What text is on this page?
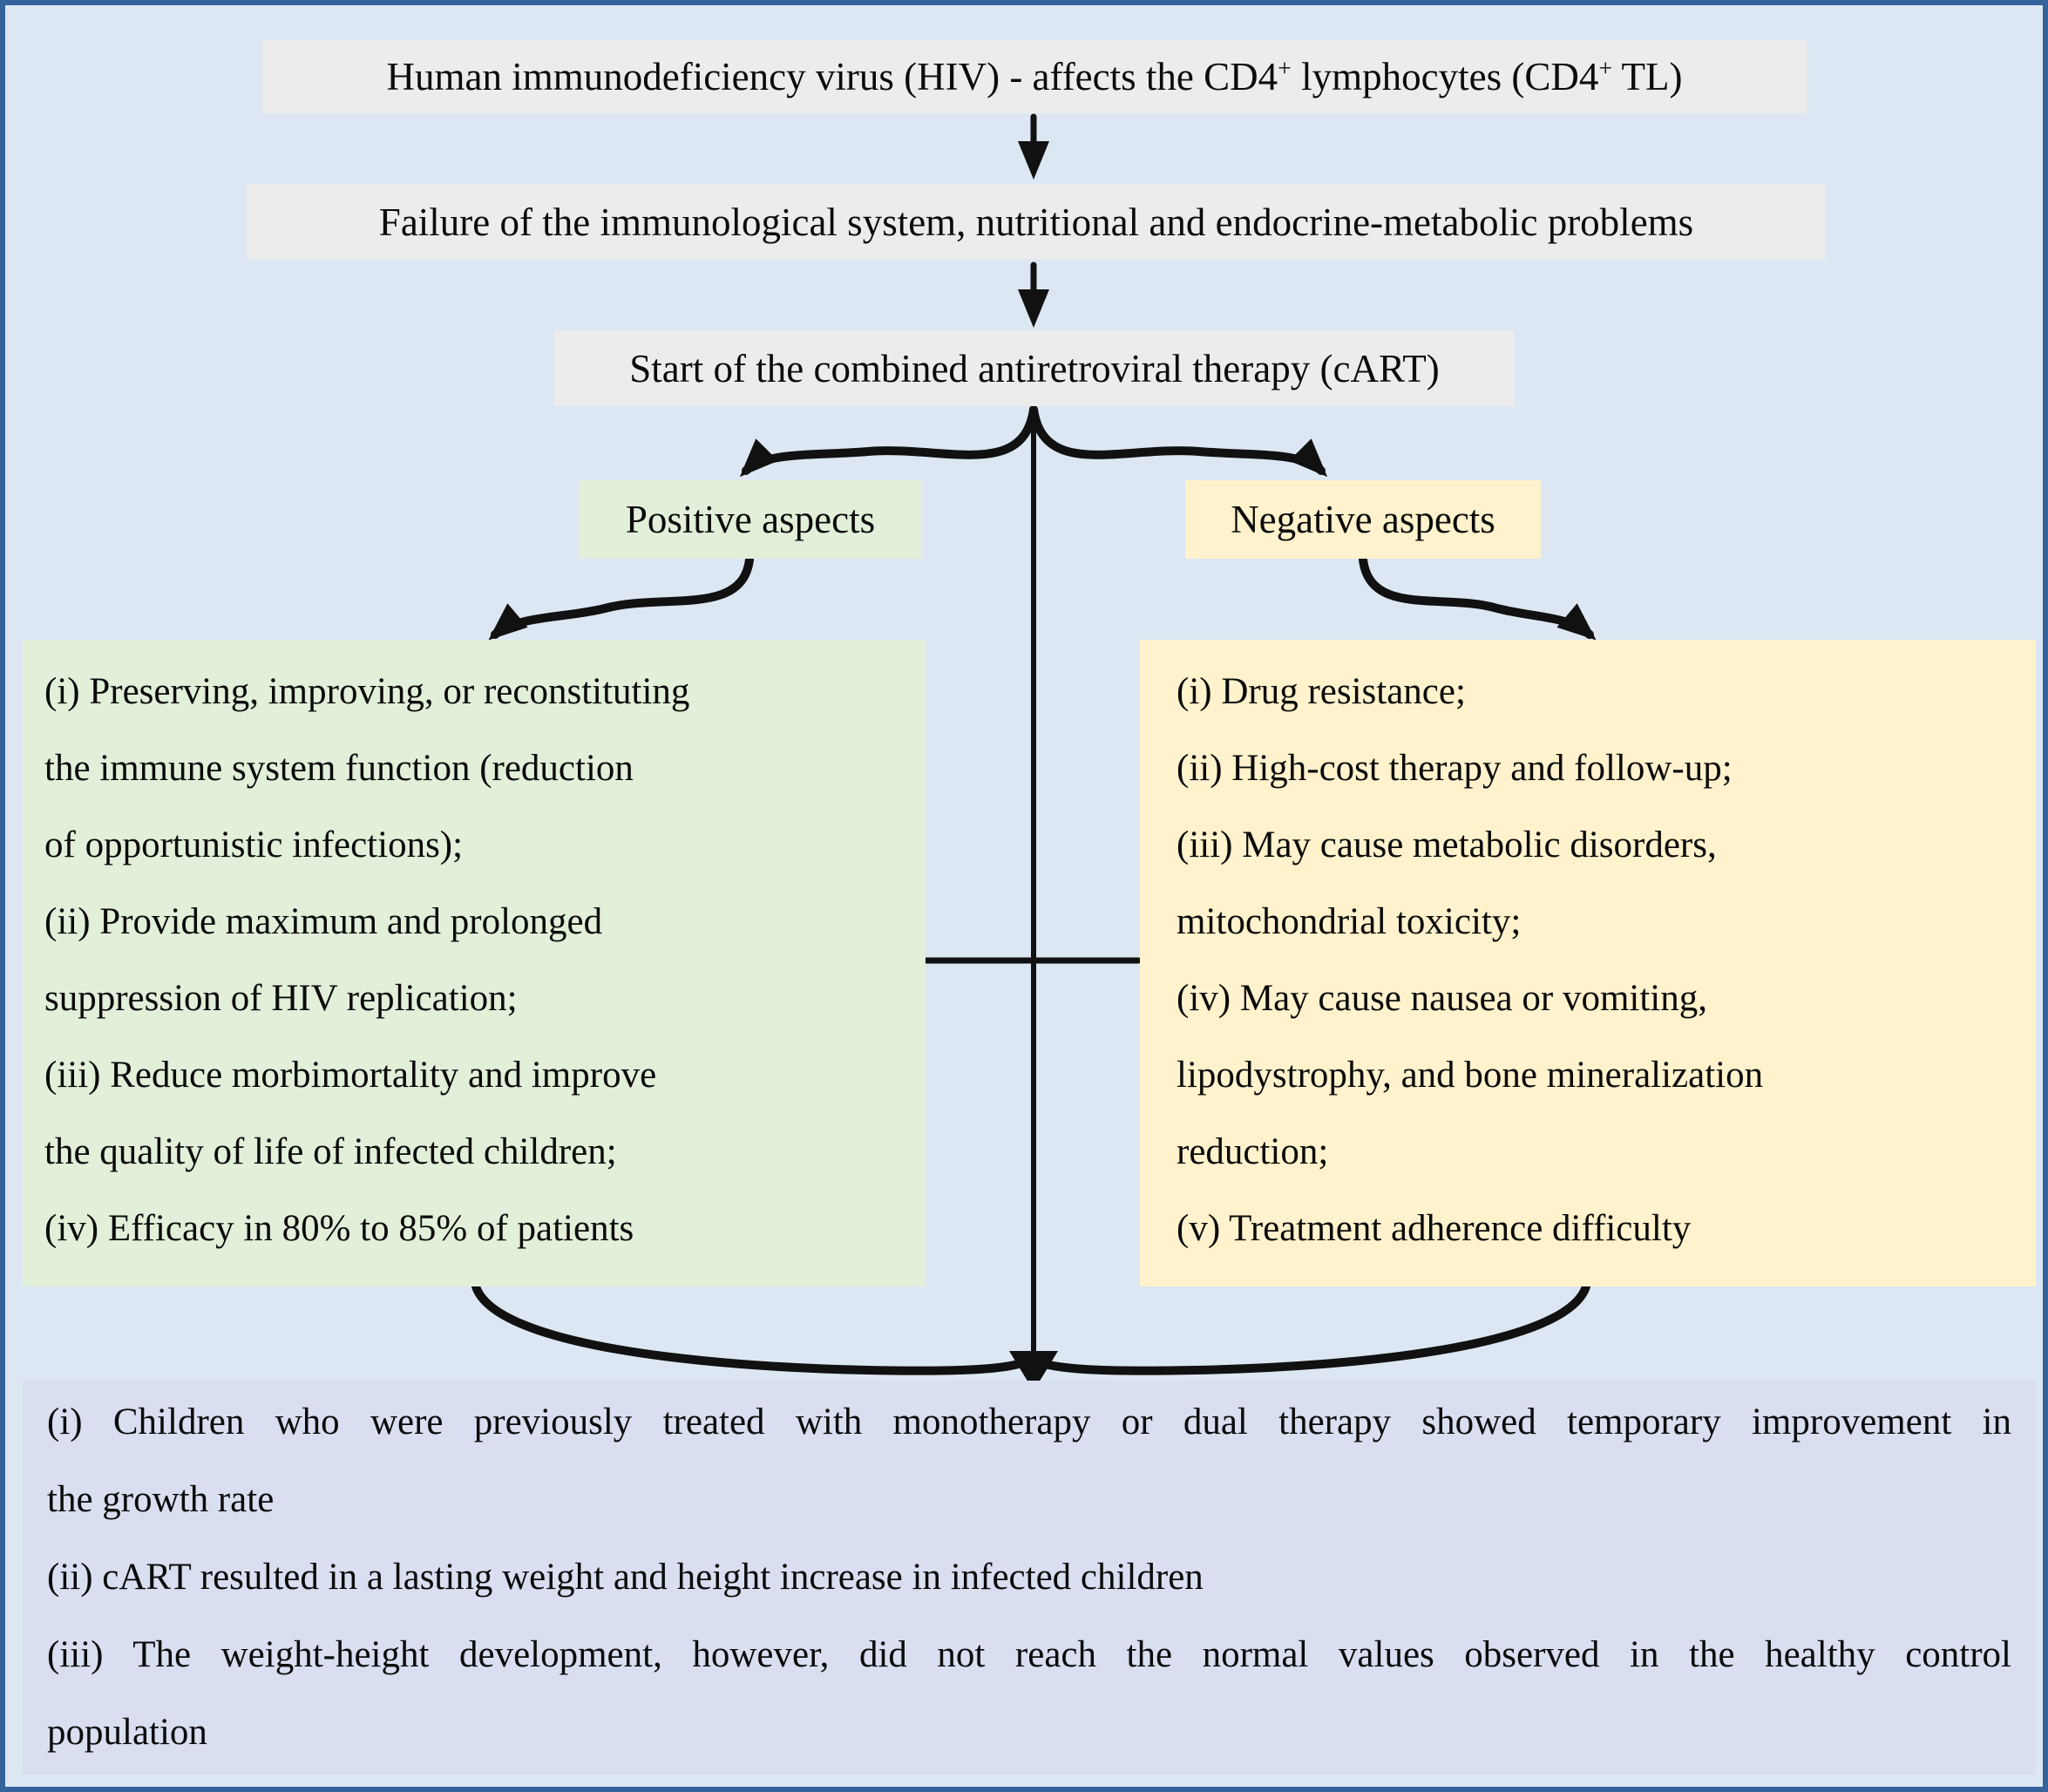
Human immunodeficiency virus (HIV) - affects the CD4+ lymphocytes (CD4+ TL)
Failure of the immunological system, nutritional and endocrine-metabolic problems
Start of the combined antiretroviral therapy (cART)
Positive aspects	Negative aspects
(i) Preserving, improving, or reconstituting
the immune system function (reduction
of opportunistic infections);
(ii) Provide maximum and prolonged
suppression of HIV replication;
(iii) Reduce morbimortality and improve
the quality of life of infected children;
(iv) Efficacy in 80% to 85% of patients
(i) Drug resistance;
(ii) High-cost therapy and follow-up;
(iii) May cause metabolic disorders,
mitochondrial toxicity;
(iv) May cause nausea or vomiting,
lipodystrophy, and bone mineralization
reduction;
(v) Treatment adherence difficulty
(i) Children who were previously treated with monotherapy or dual therapy showed temporary improvement in
the growth rate
(ii) cART resulted in a lasting weight and height increase in infected children
(iii) The weight-height development, however, did not reach the normal values observed in the healthy control
population
